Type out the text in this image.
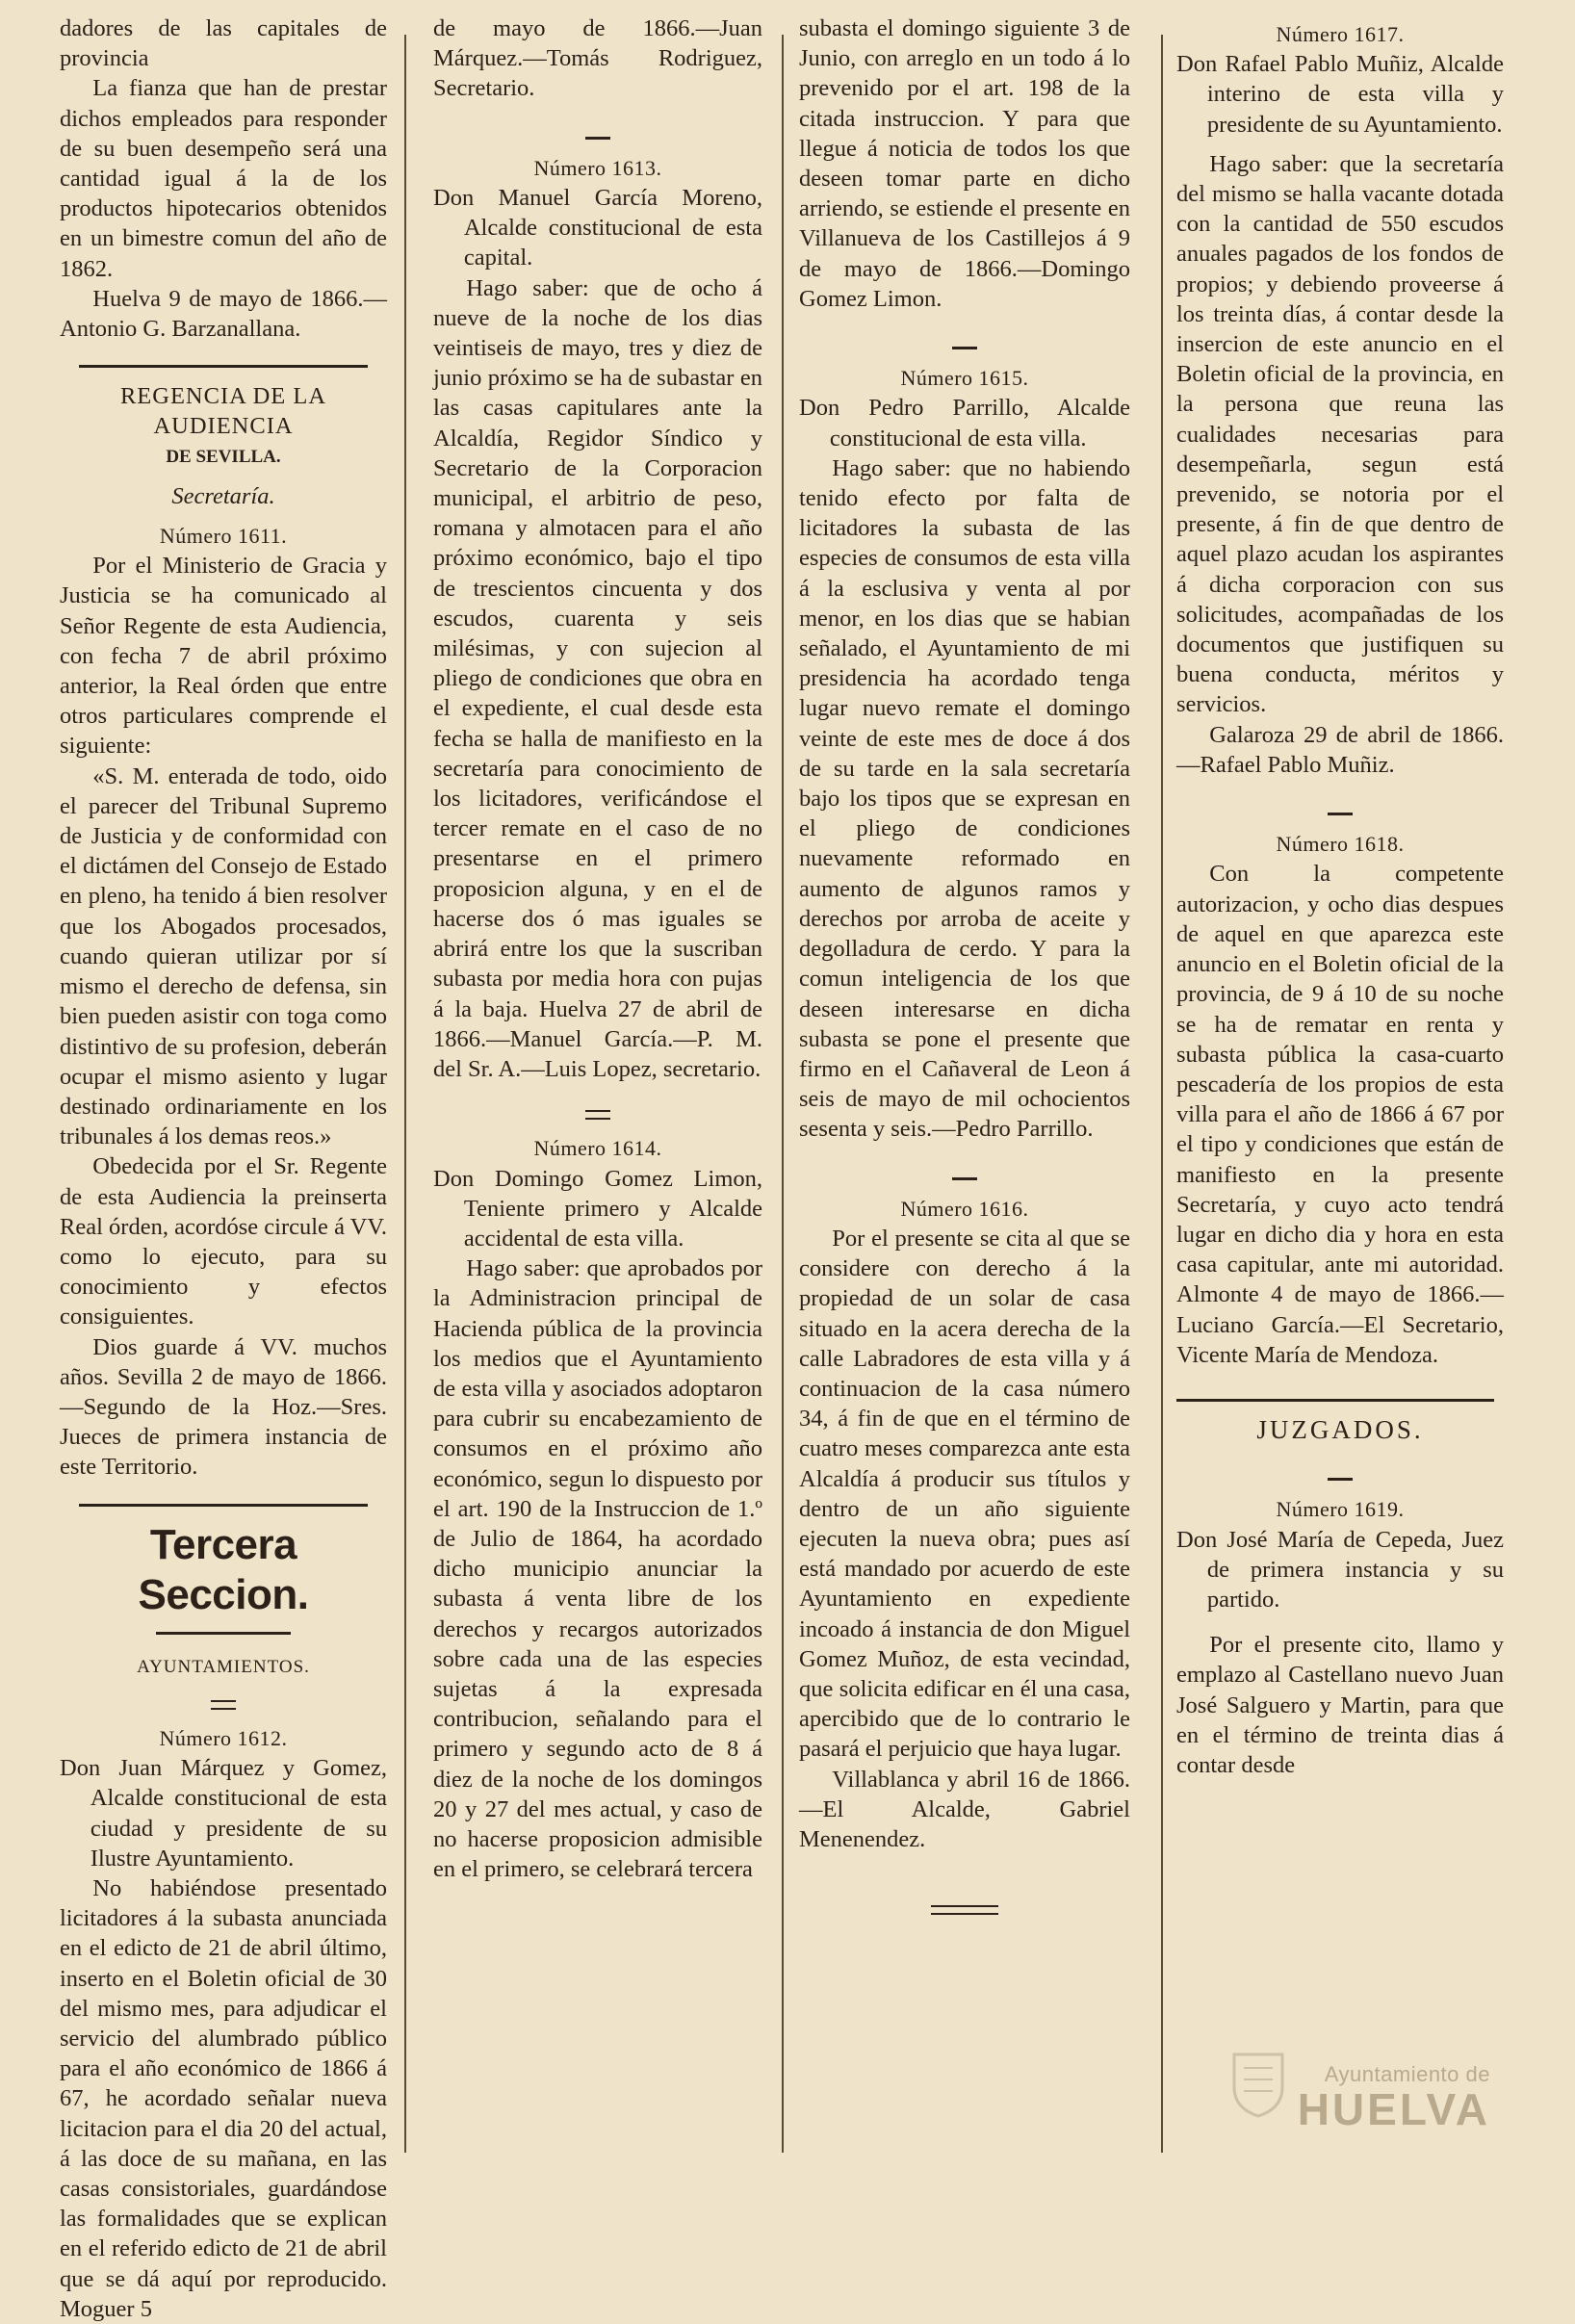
dadores de las capitales de provincia

La fianza que han de prestar dichos empleados para responder de su buen desempeño será una cantidad igual á la de los productos hipotecarios obtenidos en un bimestre comun del año de 1862.

Huelva 9 de mayo de 1866.—Antonio G. Barzanallana.

REGENCIA DE LA AUDIENCIA

DE SEVILLA.

Secretaría.

Número 1611.

Por el Ministerio de Gracia y Justicia se ha comunicado al Señor Regente de esta Audiencia, con fecha 7 de abril próximo anterior, la Real órden que entre otros particulares comprende el siguiente:

«S. M. enterada de todo, oido el parecer del Tribunal Supremo de Justicia y de conformidad con el dictámen del Consejo de Estado en pleno, ha tenido á bien resolver que los Abogados procesados, cuando quieran utilizar por sí mismo el derecho de defensa, sin bien pueden asistir con toga como distintivo de su profesion, deberán ocupar el mismo asiento y lugar destinado ordinariamente en los tribunales á los demas reos.»

Obedecida por el Sr. Regente de esta Audiencia la preinserta Real órden, acordóse circule á VV. como lo ejecuto, para su conocimiento y efectos consiguientes.

Dios guarde á VV. muchos años. Sevilla 2 de mayo de 1866.—Segundo de la Hoz.—Sres. Jueces de primera instancia de este Territorio.

Tercera Seccion.

AYUNTAMIENTOS.

Número 1612.

Don Juan Márquez y Gomez, Alcalde constitucional de esta ciudad y presidente de su Ilustre Ayuntamiento.

No habiéndose presentado licitadores á la subasta anunciada en el edicto de 21 de abril último, inserto en el Boletin oficial de 30 del mismo mes, para adjudicar el servicio del alumbrado público para el año económico de 1866 á 67, he acordado señalar nueva licitacion para el dia 20 del actual, á las doce de su mañana, en las casas consistoriales, guardándose las formalidades que se explican en el referido edicto de 21 de abril que se dá aquí por reproducido. Moguer 5

de mayo de 1866.—Juan Márquez.—Tomás Rodriguez, Secretario.

Número 1613.

Don Manuel García Moreno, Alcalde constitucional de esta capital.

Hago saber: que de ocho á nueve de la noche de los dias veintiseis de mayo, tres y diez de junio próximo se ha de subastar en las casas capitulares ante la Alcaldía, Regidor Síndico y Secretario de la Corporacion municipal, el arbitrio de peso, romana y almotacen para el año próximo económico, bajo el tipo de trescientos cincuenta y dos escudos, cuarenta y seis milésimas, y con sujecion al pliego de condiciones que obra en el expediente, el cual desde esta fecha se halla de manifiesto en la secretaría para conocimiento de los licitadores, verificándose el tercer remate en el caso de no presentarse en el primero proposicion alguna, y en el de hacerse dos ó mas iguales se abrirá entre los que la suscriban subasta por media hora con pujas á la baja. Huelva 27 de abril de 1866.—Manuel García.—P. M. del Sr. A.—Luis Lopez, secretario.

Número 1614.

Don Domingo Gomez Limon, Teniente primero y Alcalde accidental de esta villa.

Hago saber: que aprobados por la Administracion principal de Hacienda pública de la provincia los medios que el Ayuntamiento de esta villa y asociados adoptaron para cubrir su encabezamiento de consumos en el próximo año económico, segun lo dispuesto por el art. 190 de la Instruccion de 1.º de Julio de 1864, ha acordado dicho municipio anunciar la subasta á venta libre de los derechos y recargos autorizados sobre cada una de las especies sujetas á la expresada contribucion, señalando para el primero y segundo acto de 8 á diez de la noche de los domingos 20 y 27 del mes actual, y caso de no hacerse proposicion admisible en el primero, se celebrará tercera

subasta el domingo siguiente 3 de Junio, con arreglo en un todo á lo prevenido por el art. 198 de la citada instruccion. Y para que llegue á noticia de todos los que deseen tomar parte en dicho arriendo, se estiende el presente en Villanueva de los Castillejos á 9 de mayo de 1866.—Domingo Gomez Limon.

Número 1615.

Don Pedro Parrillo, Alcalde constitucional de esta villa.

Hago saber: que no habiendo tenido efecto por falta de licitadores la subasta de las especies de consumos de esta villa á la esclusiva y venta al por menor, en los dias que se habian señalado, el Ayuntamiento de mi presidencia ha acordado tenga lugar nuevo remate el domingo veinte de este mes de doce á dos de su tarde en la sala secretaría bajo los tipos que se expresan en el pliego de condiciones nuevamente reformado en aumento de algunos ramos y derechos por arroba de aceite y degolladura de cerdo. Y para la comun inteligencia de los que deseen interesarse en dicha subasta se pone el presente que firmo en el Cañaveral de Leon á seis de mayo de mil ochocientos sesenta y seis.—Pedro Parrillo.

Número 1616.

Por el presente se cita al que se considere con derecho á la propiedad de un solar de casa situado en la acera derecha de la calle Labradores de esta villa y á continuacion de la casa número 34, á fin de que en el término de cuatro meses comparezca ante esta Alcaldía á producir sus títulos y dentro de un año siguiente ejecuten la nueva obra; pues así está mandado por acuerdo de este Ayuntamiento en expediente incoado á instancia de don Miguel Gomez Muñoz, de esta vecindad, que solicita edificar en él una casa, apercibido que de lo contrario le pasará el perjuicio que haya lugar.

Villablanca y abril 16 de 1866.—El Alcalde, Gabriel Menenendez.

Número 1617.

Don Rafael Pablo Muñiz, Alcalde interino de esta villa y presidente de su Ayuntamiento.

Hago saber: que la secretaría del mismo se halla vacante dotada con la cantidad de 550 escudos anuales pagados de los fondos de propios; y debiendo proveerse á los treinta días, á contar desde la insercion de este anuncio en el Boletin oficial de la provincia, en la persona que reuna las cualidades necesarias para desempeñarla, segun está prevenido, se notoria por el presente, á fin de que dentro de aquel plazo acudan los aspirantes á dicha corporacion con sus solicitudes, acompañadas de los documentos que justifiquen su buena conducta, méritos y servicios.

Galaroza 29 de abril de 1866.—Rafael Pablo Muñiz.

Número 1618.

Con la competente autorizacion, y ocho dias despues de aquel en que aparezca este anuncio en el Boletin oficial de la provincia, de 9 á 10 de su noche se ha de rematar en renta y subasta pública la casa-cuarto pescadería de los propios de esta villa para el año de 1866 á 67 por el tipo y condiciones que están de manifiesto en la presente Secretaría, y cuyo acto tendrá lugar en dicho dia y hora en esta casa capitular, ante mi autoridad. Almonte 4 de mayo de 1866.—Luciano García.—El Secretario, Vicente María de Mendoza.

JUZGADOS.

Número 1619.

Don José María de Cepeda, Juez de primera instancia y su partido.

Por el presente cito, llamo y emplazo al Castellano nuevo Juan José Salguero y Martin, para que en el término de treinta dias á contar desde

Ayuntamiento de
HUELVA
